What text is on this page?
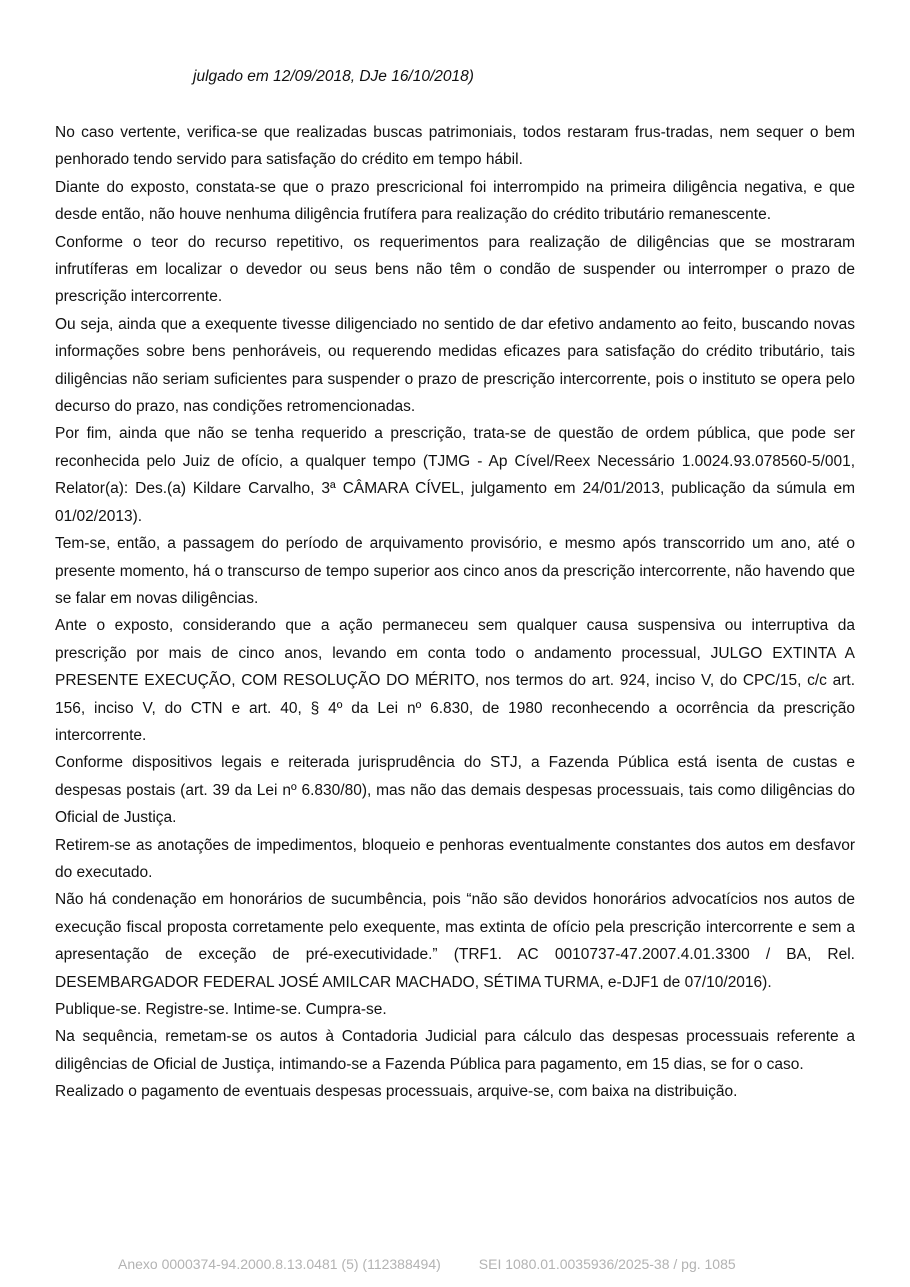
julgado em 12/09/2018, DJe 16/10/2018)

No caso vertente, verifica-se que realizadas buscas patrimoniais, todos restaram frus-tradas, nem sequer o bem penhorado tendo servido para satisfação do crédito em tempo hábil.

Diante do exposto, constata-se que o prazo prescricional foi interrompido na primeira diligência negativa, e que desde então, não houve nenhuma diligência frutífera para realização do crédito tributário remanescente.

Conforme o teor do recurso repetitivo, os requerimentos para realização de diligências que se mostraram infrutíferas em localizar o devedor ou seus bens não têm o condão de suspender ou interromper o prazo de prescrição intercorrente.

Ou seja, ainda que a exequente tivesse diligenciado no sentido de dar efetivo andamento ao feito, buscando novas informações sobre bens penhoráveis, ou requerendo medidas eficazes para satisfação do crédito tributário, tais diligências não seriam suficientes para suspender o prazo de prescrição intercorrente, pois o instituto se opera pelo decurso do prazo, nas condições retromencionadas.

Por fim, ainda que não se tenha requerido a prescrição, trata-se de questão de ordem pública, que pode ser reconhecida pelo Juiz de ofício, a qualquer tempo (TJMG - Ap Cível/Reex Necessário 1.0024.93.078560-5/001, Relator(a): Des.(a) Kildare Carvalho, 3ª CÂMARA CÍVEL, julgamento em 24/01/2013, publicação da súmula em 01/02/2013).

Tem-se, então, a passagem do período de arquivamento provisório, e mesmo após transcorrido um ano, até o presente momento, há o transcurso de tempo superior aos cinco anos da prescrição intercorrente, não havendo que se falar em novas diligências.

Ante o exposto, considerando que a ação permaneceu sem qualquer causa suspensiva ou interruptiva da prescrição por mais de cinco anos, levando em conta todo o andamento processual, JULGO EXTINTA A PRESENTE EXECUÇÃO, COM RESOLUÇÃO DO MÉRITO, nos termos do art. 924, inciso V, do CPC/15, c/c art. 156, inciso V, do CTN e art. 40, § 4º da Lei nº 6.830, de 1980 reconhecendo a ocorrência da prescrição intercorrente.

Conforme dispositivos legais e reiterada jurisprudência do STJ, a Fazenda Pública está isenta de custas e despesas postais (art. 39 da Lei nº 6.830/80), mas não das demais despesas processuais, tais como diligências do Oficial de Justiça.

Retirem-se as anotações de impedimentos, bloqueio e penhoras eventualmente constantes dos autos em desfavor do executado.

Não há condenação em honorários de sucumbência, pois “não são devidos honorários advocatícios nos autos de execução fiscal proposta corretamente pelo exequente, mas extinta de ofício pela prescrição intercorrente e sem a apresentação de exceção de pré-executividade.” (TRF1. AC 0010737-47.2007.4.01.3300 / BA, Rel. DESEMBARGADOR FEDERAL JOSÉ AMILCAR MACHADO, SÉTIMA TURMA, e-DJF1 de 07/10/2016).

Publique-se. Registre-se. Intime-se. Cumpra-se.

Na sequência, remetam-se os autos à Contadoria Judicial para cálculo das despesas processuais referente a diligências de Oficial de Justiça, intimando-se a Fazenda Pública para pagamento, em 15 dias, se for o caso.

Realizado o pagamento de eventuais despesas processuais, arquive-se, com baixa na distribuição.

Anexo 0000374-94.2000.8.13.0481 (5) (112388494)	SEI 1080.01.0035936/2025-38 / pg. 1085
